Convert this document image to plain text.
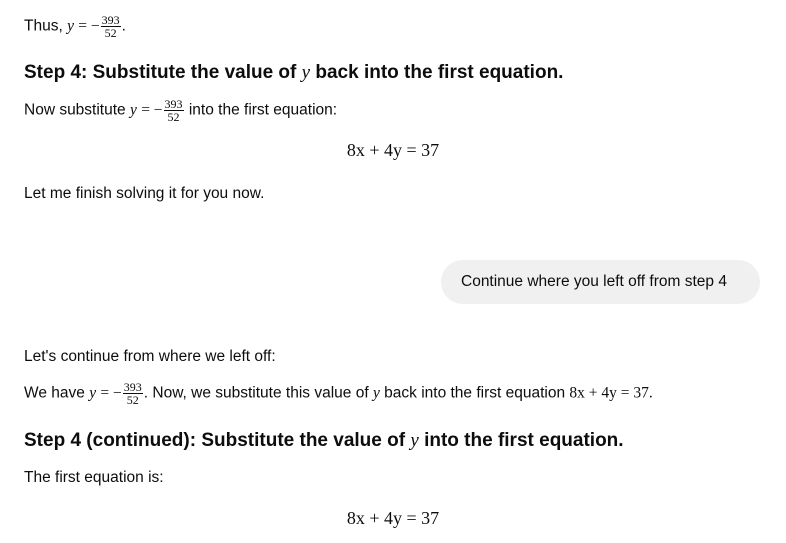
Thus, y = − $\frac{393}{52}$ .
Step 4: Substitute the value of y back into the first equation.
Now substitute y = − $\frac{393}{52}$ into the first equation:
8x + 4y = 37
Let me finish solving it for you now.
Continue where you left off from step 4
Let's continue from where we left off:
We have y = − $\frac{393}{52}$ . Now, we substitute this value of y back into the first equation 8x + 4y = 37.
Step 4 (continued): Substitute the value of y into the first equation.
The first equation is:
8x + 4y = 37
